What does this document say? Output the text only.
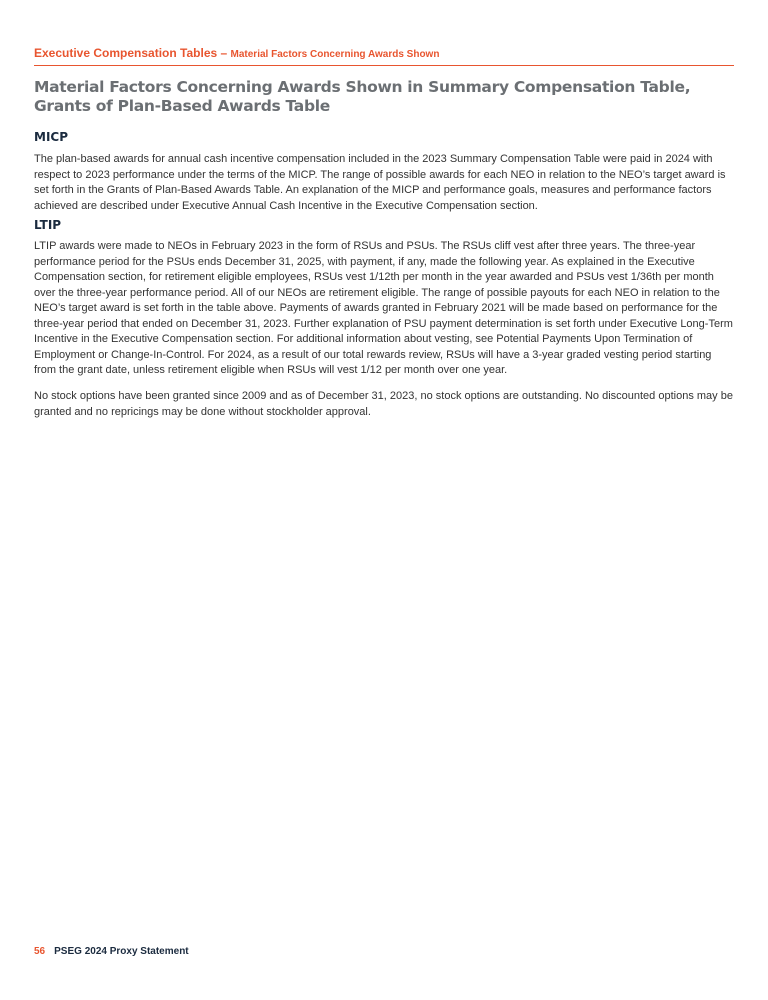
Executive Compensation Tables – Material Factors Concerning Awards Shown
Material Factors Concerning Awards Shown in Summary Compensation Table, Grants of Plan-Based Awards Table
MICP

The plan-based awards for annual cash incentive compensation included in the 2023 Summary Compensation Table were paid in 2024 with respect to 2023 performance under the terms of the MICP. The range of possible awards for each NEO in relation to the NEO’s target award is set forth in the Grants of Plan-Based Awards Table. An explanation of the MICP and performance goals, measures and performance factors achieved are described under Executive Annual Cash Incentive in the Executive Compensation section.

LTIP

LTIP awards were made to NEOs in February 2023 in the form of RSUs and PSUs. The RSUs cliff vest after three years. The three-year performance period for the PSUs ends December 31, 2025, with payment, if any, made the following year. As explained in the Executive Compensation section, for retirement eligible employees, RSUs vest 1/12th per month in the year awarded and PSUs vest 1/36th per month over the three-year performance period. All of our NEOs are retirement eligible. The range of possible payouts for each NEO in relation to the NEO’s target award is set forth in the table above. Payments of awards granted in February 2021 will be made based on performance for the three-year period that ended on December 31, 2023. Further explanation of PSU payment determination is set forth under Executive Long-Term Incentive in the Executive Compensation section. For additional information about vesting, see Potential Payments Upon Termination of Employment or Change-In-Control. For 2024, as a result of our total rewards review, RSUs will have a 3-year graded vesting period starting from the grant date, unless retirement eligible when RSUs will vest 1/12 per month over one year.

No stock options have been granted since 2009 and as of December 31, 2023, no stock options are outstanding. No discounted options may be granted and no repricings may be done without stockholder approval.

56 PSEG 2024 Proxy Statement
